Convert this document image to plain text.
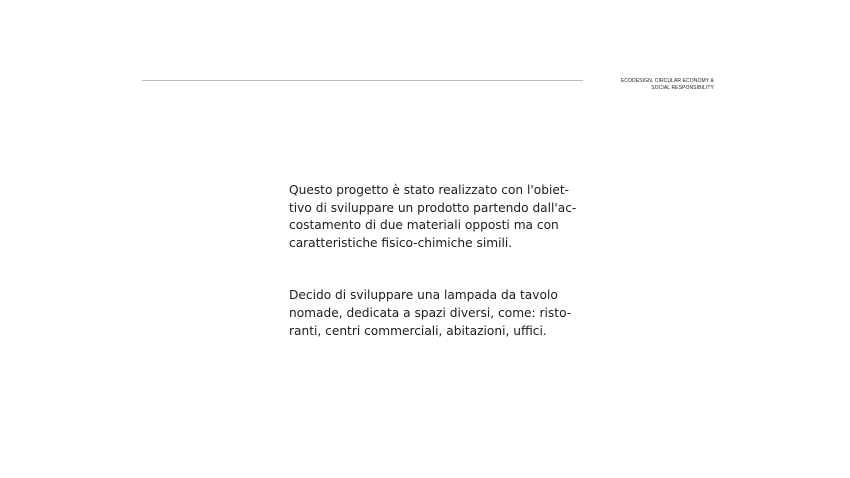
ECODESIGN, CIRCULAR ECONOMY &
SOCIAL RESPONSIBILITY

Questo progetto è stato realizzato con l'obiet-
tivo di sviluppare un prodotto partendo dall'ac-
costamento di due materiali opposti ma con
caratteristiche fisico-chimiche simili.

Decido di sviluppare una lampada da tavolo
nomade, dedicata a spazi diversi, come: risto-
ranti, centri commerciali, abitazioni, uffici.
